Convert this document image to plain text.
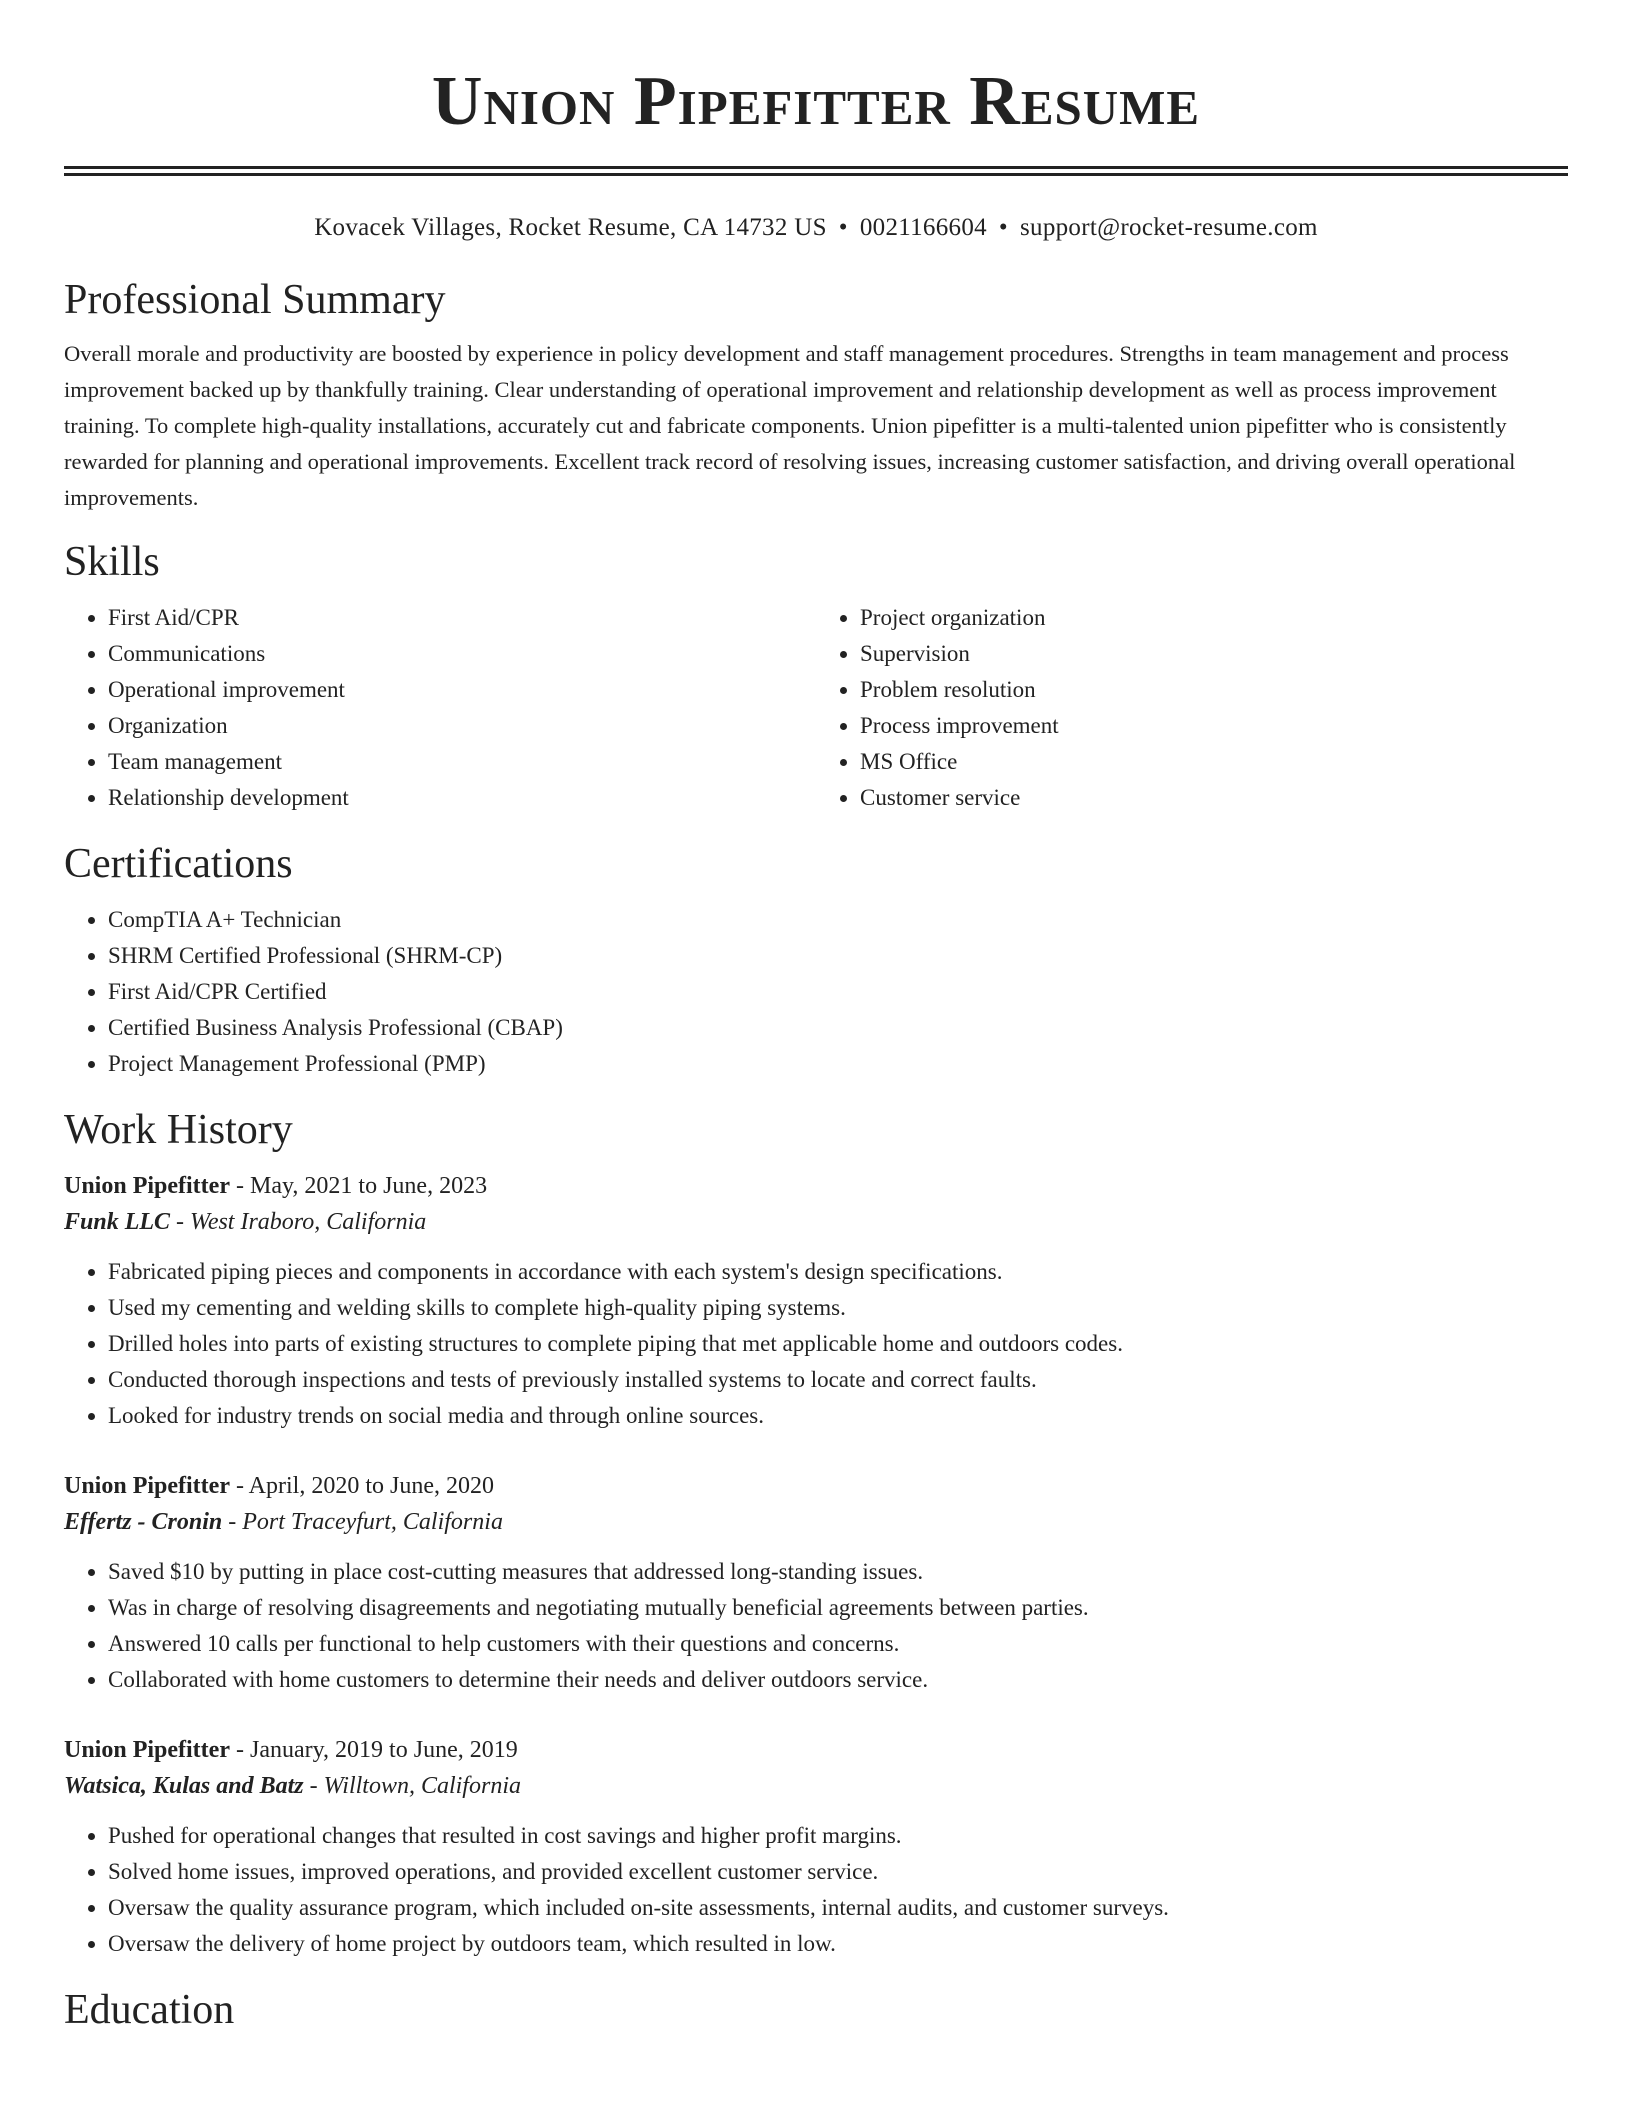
Union Pipefitter Resume
Kovacek Villages, Rocket Resume, CA 14732 US • 0021166604 • support@rocket-resume.com
Professional Summary

Overall morale and productivity are boosted by experience in policy development and staff management procedures. Strengths in team management and process improvement backed up by thankfully training. Clear understanding of operational improvement and relationship development as well as process improvement training. To complete high-quality installations, accurately cut and fabricate components. Union pipefitter is a multi-talented union pipefitter who is consistently rewarded for planning and operational improvements. Excellent track record of resolving issues, increasing customer satisfaction, and driving overall operational improvements.

Skills
• First Aid/CPR
• Communications
• Operational improvement
• Organization
• Team management
• Relationship development
• Project organization
• Supervision
• Problem resolution
• Process improvement
• MS Office
• Customer service
Certifications
• CompTIA A+ Technician
• SHRM Certified Professional (SHRM-CP)
• First Aid/CPR Certified
• Certified Business Analysis Professional (CBAP)
• Project Management Professional (PMP)
Work History
Union Pipefitter - May, 2021 to June, 2023
Funk LLC - West Iraboro, California
• Fabricated piping pieces and components in accordance with each system's design specifications.
• Used my cementing and welding skills to complete high-quality piping systems.
• Drilled holes into parts of existing structures to complete piping that met applicable home and outdoors codes.
• Conducted thorough inspections and tests of previously installed systems to locate and correct faults.
• Looked for industry trends on social media and through online sources.
Union Pipefitter - April, 2020 to June, 2020
Effertz - Cronin - Port Traceyfurt, California
• Saved $10 by putting in place cost-cutting measures that addressed long-standing issues.
• Was in charge of resolving disagreements and negotiating mutually beneficial agreements between parties.
• Answered 10 calls per functional to help customers with their questions and concerns.
• Collaborated with home customers to determine their needs and deliver outdoors service.
Union Pipefitter - January, 2019 to June, 2019
Watsica, Kulas and Batz - Willtown, California
• Pushed for operational changes that resulted in cost savings and higher profit margins.
• Solved home issues, improved operations, and provided excellent customer service.
• Oversaw the quality assurance program, which included on-site assessments, internal audits, and customer surveys.
• Oversaw the delivery of home project by outdoors team, which resulted in low.
Education
